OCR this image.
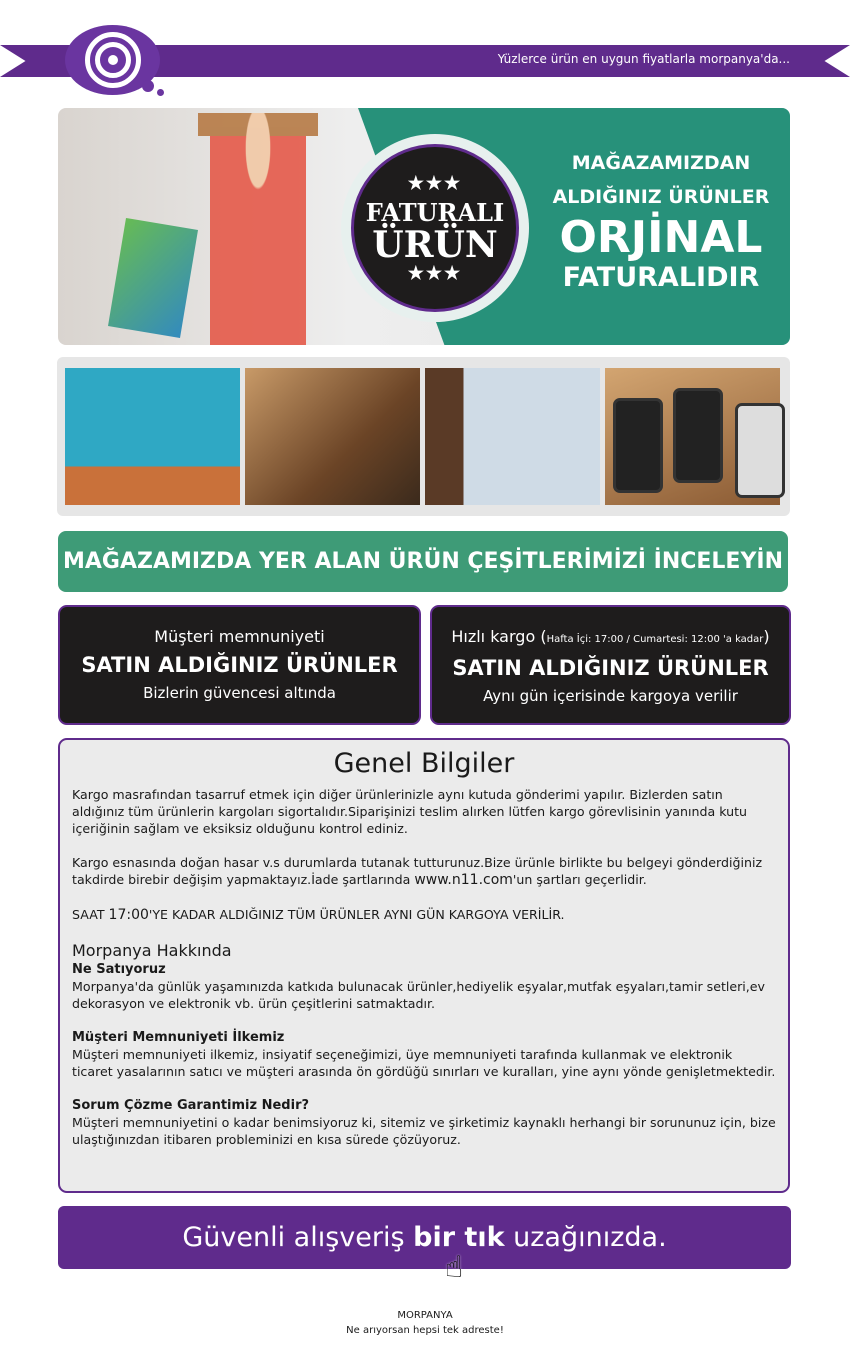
Yüzlerce ürün en uygun fiyatlarla morpanya'da...
★★★
FATURALI
ÜRÜN
★★★
MAĞAZAMIZDAN
ALDIĞINIZ ÜRÜNLER
ORJİNAL
FATURALIDIR
MAĞAZAMIZDA YER ALAN ÜRÜN ÇEŞİTLERİMİZİ İNCELEYİN
Müşteri memnuniyeti
SATIN ALDIĞINIZ ÜRÜNLER
Bizlerin güvencesi altında
Hızlı kargo (Hafta İçi: 17:00 / Cumartesi: 12:00 'a kadar)
SATIN ALDIĞINIZ ÜRÜNLER
Aynı gün içerisinde kargoya verilir
Genel Bilgiler

Kargo masrafından tasarruf etmek için diğer ürünlerinizle aynı kutuda gönderimi yapılır. Bizlerden satın aldığınız tüm ürünlerin kargoları sigortalıdır.Siparişinizi teslim alırken lütfen kargo görevlisinin yanında kutu içeriğinin sağlam ve eksiksiz olduğunu kontrol ediniz.

Kargo esnasında doğan hasar v.s durumlarda tutanak tutturunuz.Bize ürünle birlikte bu belgeyi gönderdiğiniz takdirde birebir değişim yapmaktayız.İade şartlarında www.n11.com'un şartları geçerlidir.

SAAT 17:00'YE KADAR ALDIĞINIZ TÜM ÜRÜNLER AYNI GÜN KARGOYA VERİLİR.

Morpanya Hakkında
Ne Satıyoruz

Morpanya'da günlük yaşamınızda katkıda bulunacak ürünler,hediyelik eşyalar,mutfak eşyaları,tamir setleri,ev dekorasyon ve elektronik vb. ürün çeşitlerini satmaktadır.

Müşteri Memnuniyeti İlkemiz

Müşteri memnuniyeti ilkemiz, insiyatif seçeneğimizi, üye memnuniyeti tarafında kullanmak ve elektronik ticaret yasalarının satıcı ve müşteri arasında ön gördüğü sınırları ve kuralları, yine aynı yönde genişletmektedir.

Sorum Çözme Garantimiz Nedir?

Müşteri memnuniyetini o kadar benimsiyoruz ki, sitemiz ve şirketimiz kaynaklı herhangi bir sorununuz için, bize ulaştığınızdan itibaren probleminizi en kısa sürede çözüyoruz.

Güvenli alışveriş bir tık uzağınızda.
☝
MORPANYA
Ne arıyorsan hepsi tek adreste!
